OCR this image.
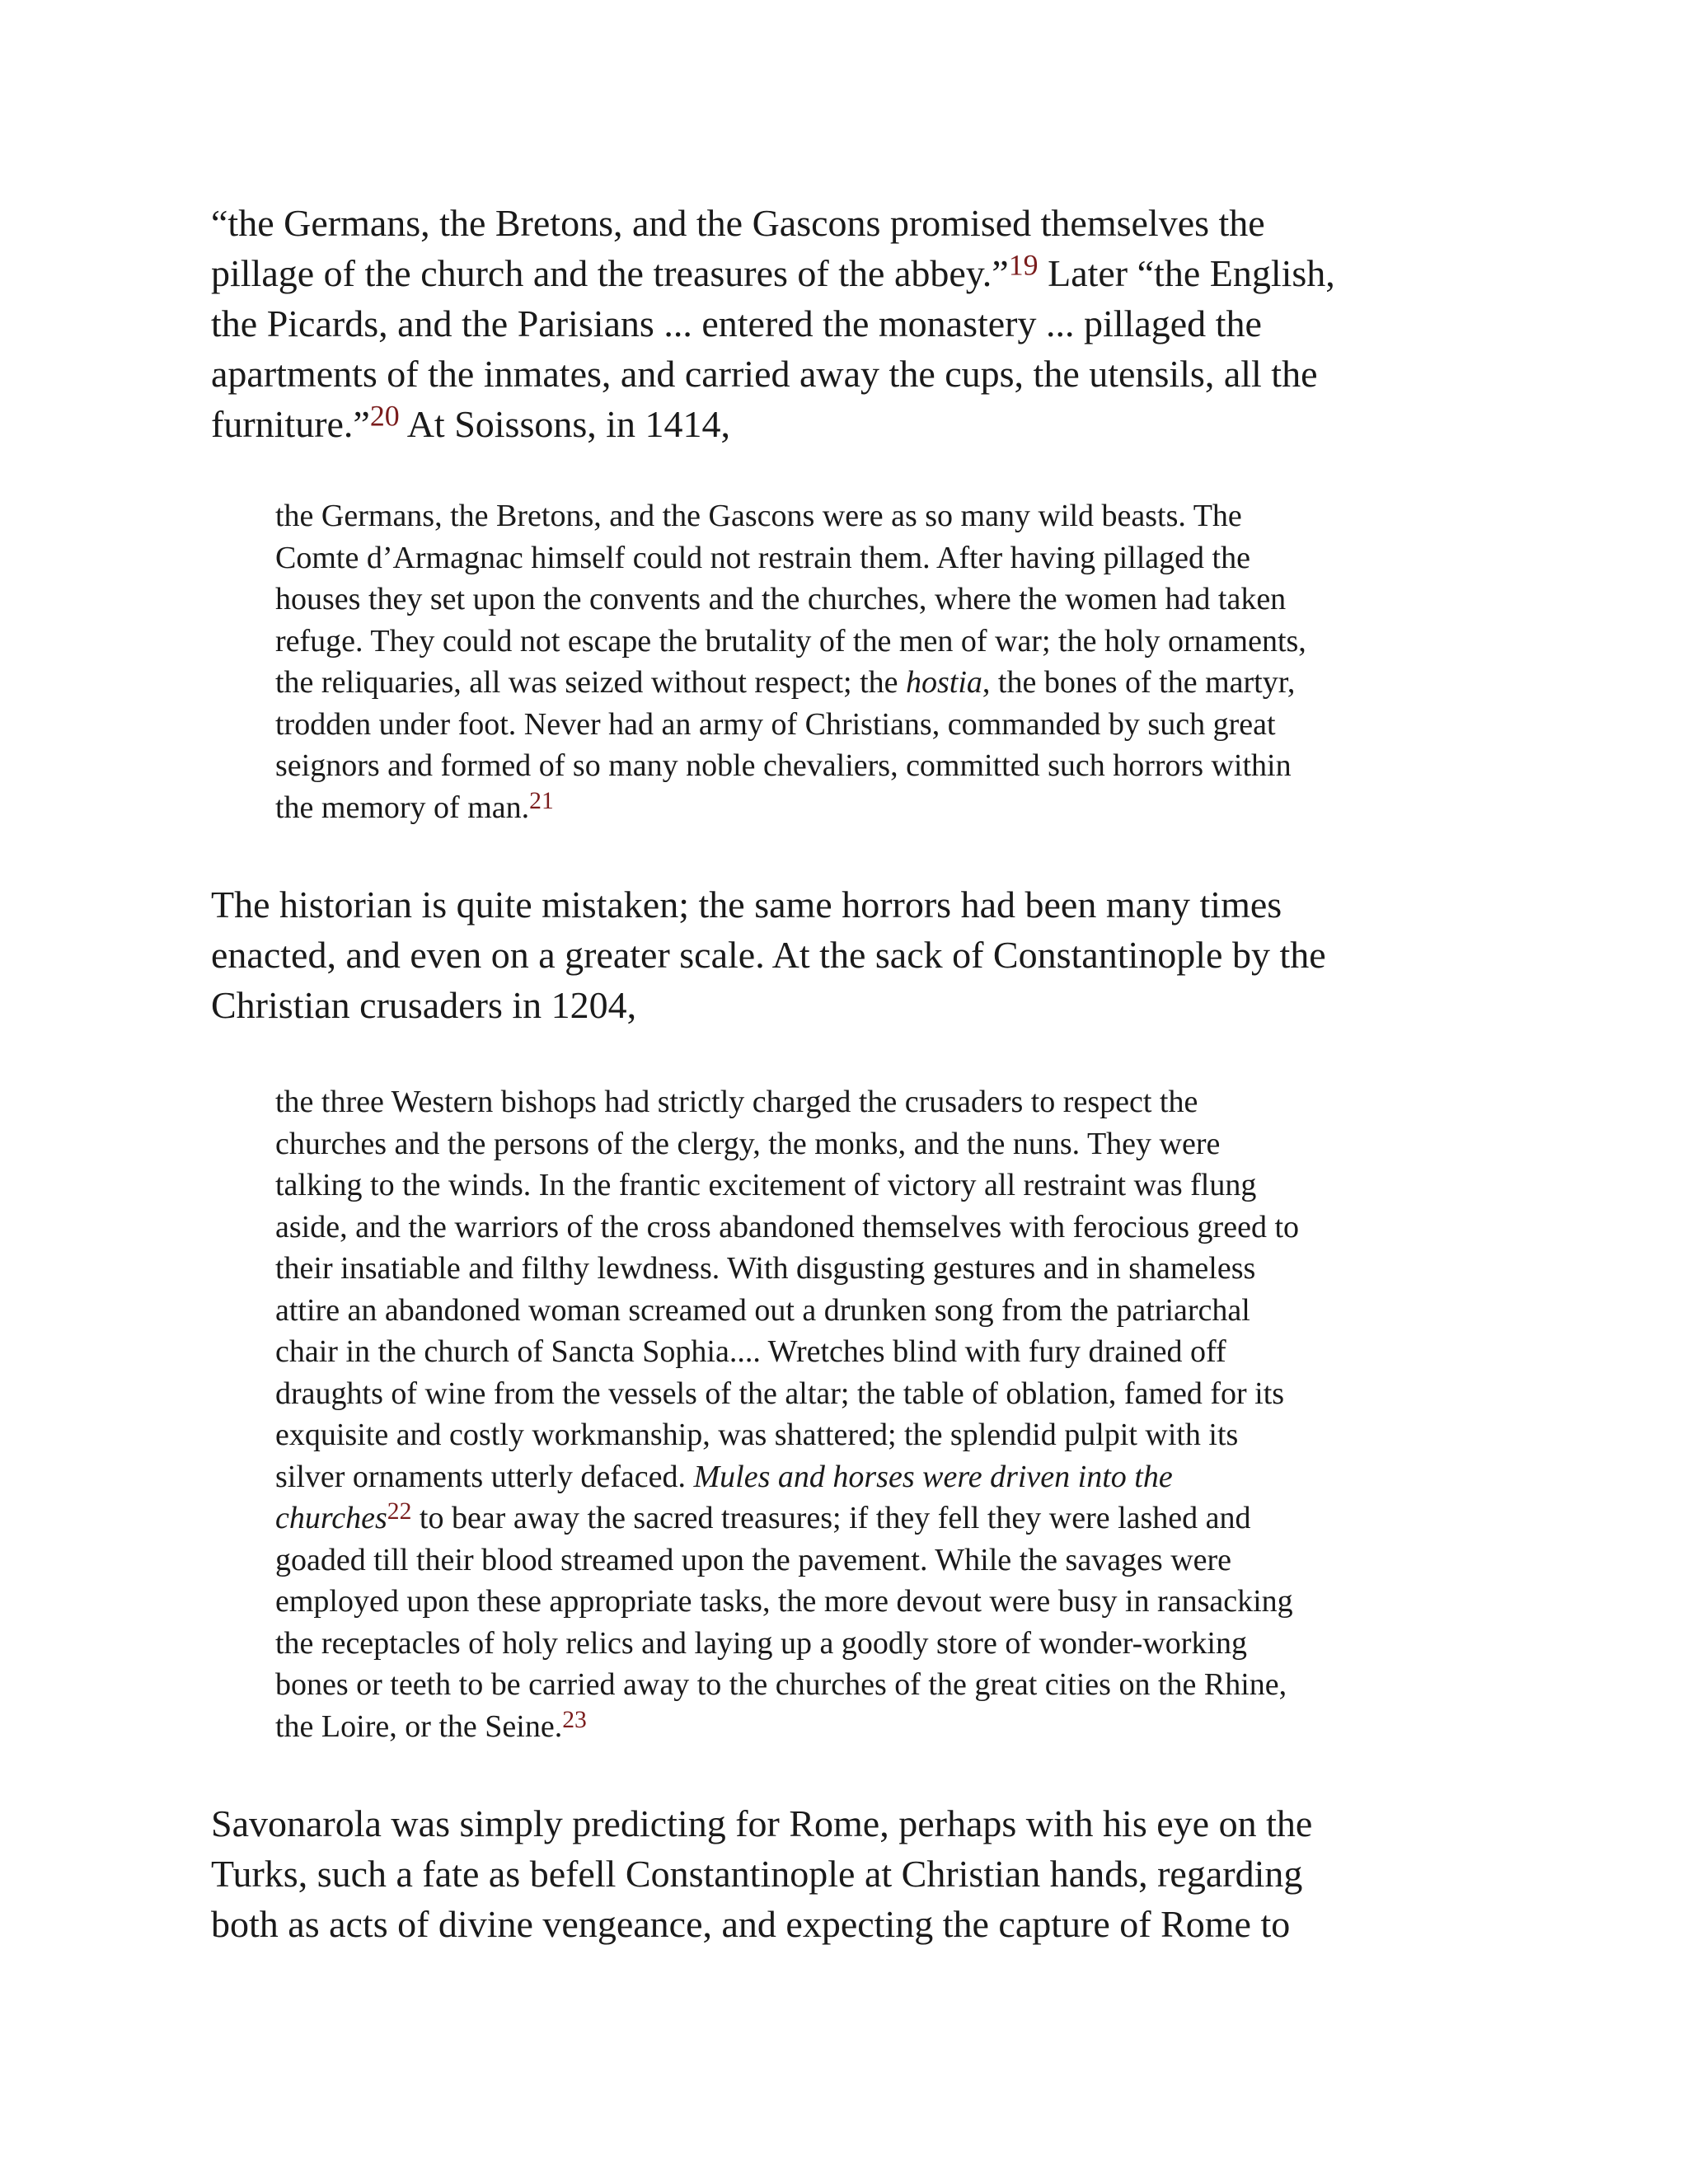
“the Germans, the Bretons, and the Gascons promised themselves the
pillage of the church and the treasures of the abbey.”$^{19}$ Later “the English,
the Picards, and the Parisians ... entered the monastery ... pillaged the
apartments of the inmates, and carried away the cups, the utensils, all the
furniture.”$^{20}$ At Soissons, in 1414,

the Germans, the Bretons, and the Gascons were as so many wild beasts. The
Comte d’Armagnac himself could not restrain them. After having pillaged the
houses they set upon the convents and the churches, where the women had taken
refuge. They could not escape the brutality of the men of war; the holy ornaments,
the reliquaries, all was seized without respect; the hostia, the bones of the martyr,
trodden under foot. Never had an army of Christians, commanded by such great
seignors and formed of so many noble chevaliers, committed such horrors within
the memory of man.$^{21}$

The historian is quite mistaken; the same horrors had been many times
enacted, and even on a greater scale. At the sack of Constantinople by the
Christian crusaders in 1204,

the three Western bishops had strictly charged the crusaders to respect the
churches and the persons of the clergy, the monks, and the nuns. They were
talking to the winds. In the frantic excitement of victory all restraint was flung
aside, and the warriors of the cross abandoned themselves with ferocious greed to
their insatiable and filthy lewdness. With disgusting gestures and in shameless
attire an abandoned woman screamed out a drunken song from the patriarchal
chair in the church of Sancta Sophia.... Wretches blind with fury drained off
draughts of wine from the vessels of the altar; the table of oblation, famed for its
exquisite and costly workmanship, was shattered; the splendid pulpit with its
silver ornaments utterly defaced. Mules and horses were driven into the
churches$^{22}$ to bear away the sacred treasures; if they fell they were lashed and
goaded till their blood streamed upon the pavement. While the savages were
employed upon these appropriate tasks, the more devout were busy in ransacking
the receptacles of holy relics and laying up a goodly store of wonder-working
bones or teeth to be carried away to the churches of the great cities on the Rhine,
the Loire, or the Seine.$^{23}$

Savonarola was simply predicting for Rome, perhaps with his eye on the
Turks, such a fate as befell Constantinople at Christian hands, regarding
both as acts of divine vengeance, and expecting the capture of Rome to
